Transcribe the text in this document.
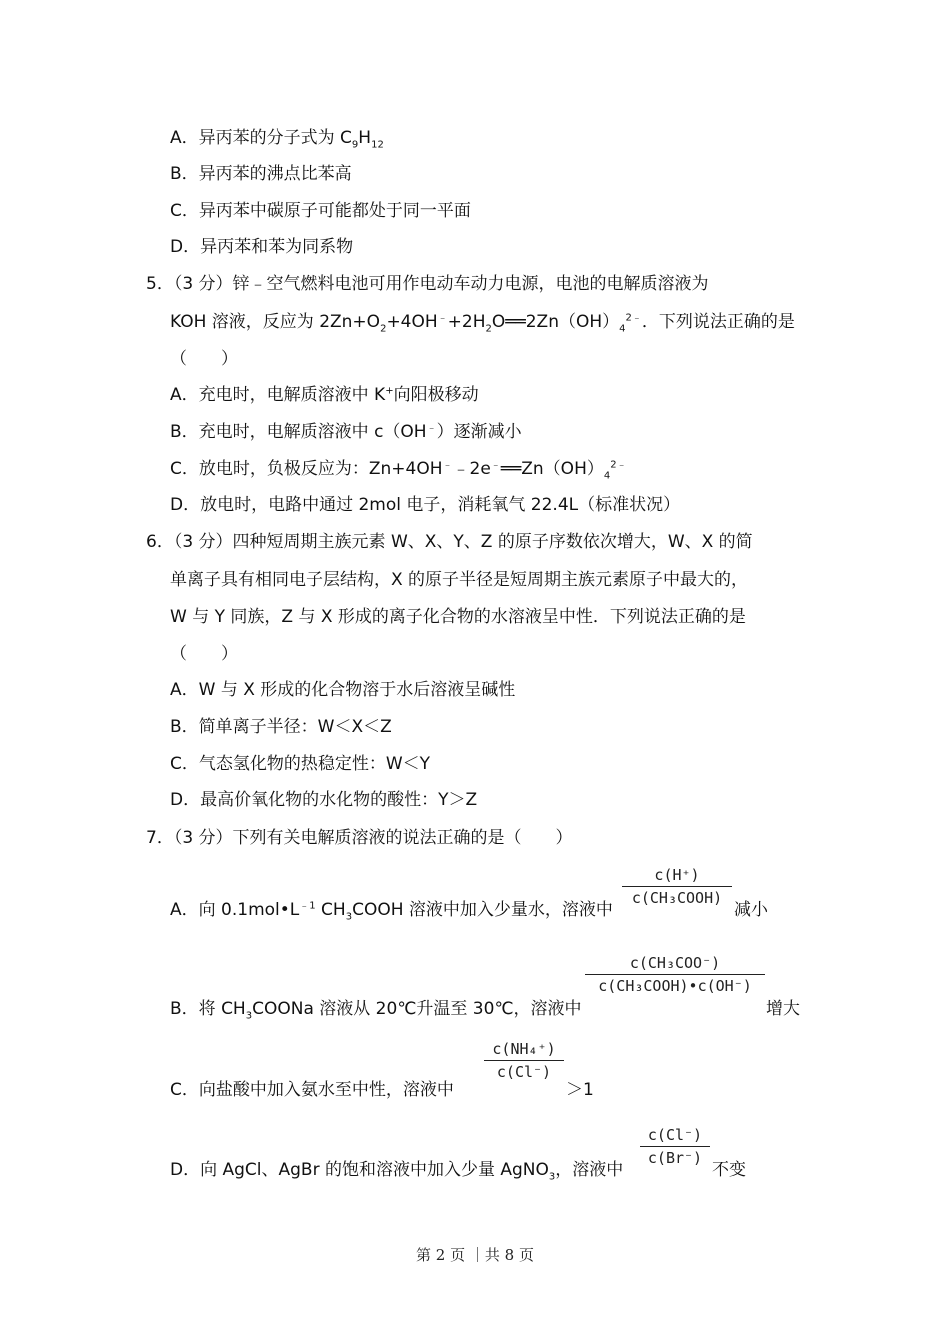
A．异丙苯的分子式为 $C_9H_{12}$
B．异丙苯的沸点比苯高
C．异丙苯中碳原子可能都处于同一平面
D．异丙苯和苯为同系物
5．（3 分）锌﹣空气燃料电池可用作电动车动力电源，电池的电解质溶液为
KOH 溶液，反应为 $2Zn+O_2+4OH^﹣+2H_2O══2Zn(OH)_4^{2﹣}$．下列说法正确的是
（　　）
A．充电时，电解质溶液中 K+向阳极移动
B．充电时，电解质溶液中 c（OH﹣）逐渐减小
C．放电时，负极反应为：$Zn+4OH^﹣﹣2e^﹣══Zn(OH)_4^{2﹣}$
D．放电时，电路中通过 2mol 电子，消耗氧气 22.4L（标准状况）
6．（3 分）四种短周期主族元素 W、X、Y、Z 的原子序数依次增大，W、X 的简
单离子具有相同电子层结构，X 的原子半径是短周期主族元素原子中最大的，
W 与 Y 同族，Z 与 X 形成的离子化合物的水溶液呈中性．下列说法正确的是
（　　）
A．W 与 X 形成的化合物溶于水后溶液呈碱性
B．简单离子半径：W＜X＜Z
C．气态氢化物的热稳定性：W＜Y
D．最高价氧化物的水化物的酸性：Y＞Z
7．（3 分）下列有关电解质溶液的说法正确的是（　　）
A．向 $0.1mol•L^{﹣1}$ $CH_3COOH$ 溶液中加入少量水，溶液中
c(H⁺)
c(CH₃COOH)
减小
B．将 $CH_3COONa$ 溶液从 20℃升温至 30℃，溶液中
c(CH₃COO⁻)
c(CH₃COOH)•c(OH⁻)
增大
C．向盐酸中加入氨水至中性，溶液中
c(NH₄⁺)
c(Cl⁻)
＞1
D．向 AgCl、AgBr 的饱和溶液中加入少量 AgNO$_3$，溶液中
c(Cl⁻)
c(Br⁻)
不变
第 2 页 ｜共 8 页
